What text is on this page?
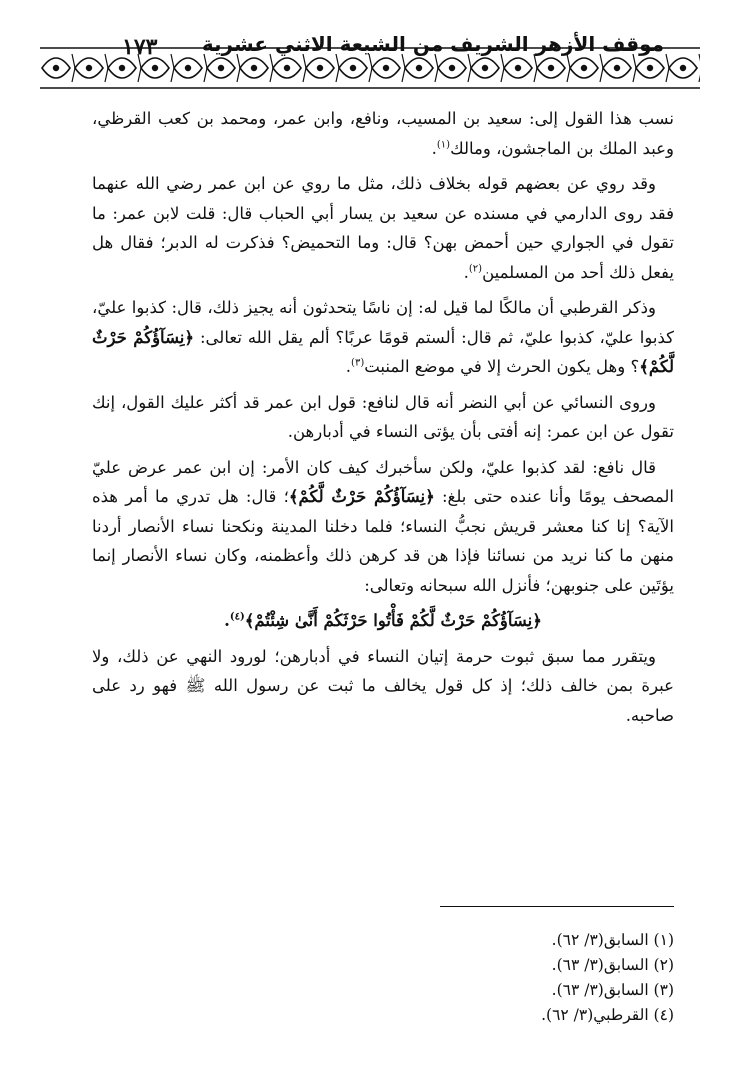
١٧٣ موقف الأزهر الشريف من الشيعة الاثني عشرية

نسب هذا القول إلى: سعيد بن المسيب، ونافع، وابن عمر، ومحمد بن كعب القرظي، وعبد الملك بن الماجشون، ومالك$^{(١)}$.

وقد روي عن بعضهم قوله بخلاف ذلك، مثل ما روي عن ابن عمر رضي الله عنهما فقد روى الدارمي في مسنده عن سعيد بن يسار أبي الحباب قال: قلت لابن عمر: ما تقول في الجواري حين أحمض بهن؟ قال: وما التحميض؟ فذكرت له الدبر؛ فقال هل يفعل ذلك أحد من المسلمين$^{(٢)}$.

وذكر القرطبي أن مالكًا لما قيل له: إن ناسًا يتحدثون أنه يجيز ذلك، قال: كذبوا عليّ، كذبوا عليّ، كذبوا عليّ، ثم قال: ألستم قومًا عربًا؟ ألم يقل الله تعالى: ﴿نِسَآؤُكُمْ حَرْثٌ لَّكُمْ﴾؟ وهل يكون الحرث إلا في موضع المنبت$^{(٣)}$.

وروى النسائي عن أبي النضر أنه قال لنافع: قول ابن عمر قد أكثر عليك القول، إنك تقول عن ابن عمر: إنه أفتى بأن يؤتى النساء في أدبارهن.

قال نافع: لقد كذبوا عليّ، ولكن سأخبرك كيف كان الأمر: إن ابن عمر عرض عليّ المصحف يومًا وأنا عنده حتى بلغ: ﴿نِسَآؤُكُمْ حَرْثٌ لَّكُمْ﴾؛ قال: هل تدري ما أمر هذه الآية؟ إنا كنا معشر قريش نجبُّ النساء؛ فلما دخلنا المدينة ونكحنا نساء الأنصار أردنا منهن ما كنا نريد من نسائنا فإذا هن قد كرهن ذلك وأعظمنه، وكان نساء الأنصار إنما يؤتَين على جنوبهن؛ فأنزل الله سبحانه وتعالى:

﴿نِسَآؤُكُمْ حَرْثٌ لَّكُمْ فَأْتُوا حَرْثَكُمْ أَنَّىٰ شِئْتُمْ﴾$^{(٤)}$.

ويتقرر مما سبق ثبوت حرمة إتيان النساء في أدبارهن؛ لورود النهي عن ذلك، ولا عبرة بمن خالف ذلك؛ إذ كل قول يخالف ما ثبت عن رسول الله ﷺ فهو رد على صاحبه.

(١) السابق(٣/ ٦٢).
(٢) السابق(٣/ ٦٣).
(٣) السابق(٣/ ٦٣).
(٤) القرطبي(٣/ ٦٢).
